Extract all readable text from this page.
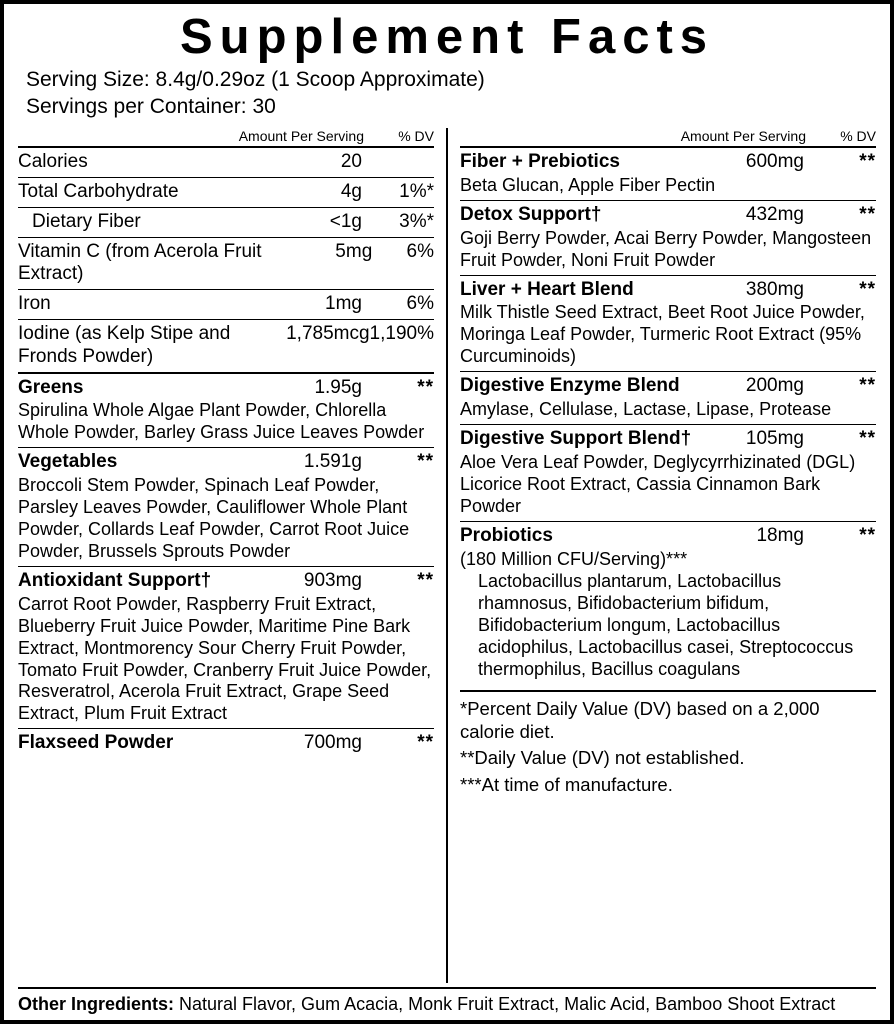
Supplement Facts
Serving Size: 8.4g/0.29oz (1 Scoop Approximate)
Servings per Container: 30
Amount Per Serving	% DV
Calories	20
Total Carbohydrate	4g	1%*
Dietary Fiber	<1g	3%*
Vitamin C (from Acerola Fruit Extract)
5mg	6%
Iron	1mg	6%
Iodine (as Kelp Stipe and Fronds Powder)
1,785mcg 1,190%
Greens	1.95g	**
Spirulina Whole Algae Plant Powder, Chlorella Whole Powder, Barley Grass Juice Leaves Powder
Vegetables	1.591g	**
Broccoli Stem Powder, Spinach Leaf Powder, Parsley Leaves Powder, Cauliflower Whole Plant Powder, Collards Leaf Powder, Carrot Root Juice Powder, Brussels Sprouts Powder
Antioxidant Support†	903mg	**
Carrot Root Powder, Raspberry Fruit Extract, Blueberry Fruit Juice Powder, Maritime Pine Bark Extract, Montmorency Sour Cherry Fruit Powder, Tomato Fruit Powder, Cranberry Fruit Juice Powder, Resveratrol, Acerola Fruit Extract, Grape Seed Extract, Plum Fruit Extract
Flaxseed Powder	700mg	**
Amount Per Serving	% DV
Fiber + Prebiotics	600mg	**
Beta Glucan, Apple Fiber Pectin
Detox Support†	432mg	**
Goji Berry Powder, Acai Berry Powder, Mangosteen Fruit Powder, Noni Fruit Powder
Liver + Heart Blend	380mg	**
Milk Thistle Seed Extract, Beet Root Juice Powder, Moringa Leaf Powder, Turmeric Root Extract (95% Curcuminoids)
Digestive Enzyme Blend	200mg	**
Amylase, Cellulase, Lactase, Lipase, Protease
Digestive Support Blend†	105mg	**
Aloe Vera Leaf Powder, Deglycyrrhizinated (DGL) Licorice Root Extract, Cassia Cinnamon Bark Powder
Probiotics	18mg	**
(180 Million CFU/Serving)***
Lactobacillus plantarum, Lactobacillus rhamnosus, Bifidobacterium bifidum, Bifidobacterium longum, Lactobacillus acidophilus, Lactobacillus casei, Streptococcus thermophilus, Bacillus coagulans
*Percent Daily Value (DV) based on a 2,000 calorie diet.
**Daily Value (DV) not established.
***At time of manufacture.
Other Ingredients: Natural Flavor, Gum Acacia, Monk Fruit Extract, Malic Acid, Bamboo Shoot Extract
